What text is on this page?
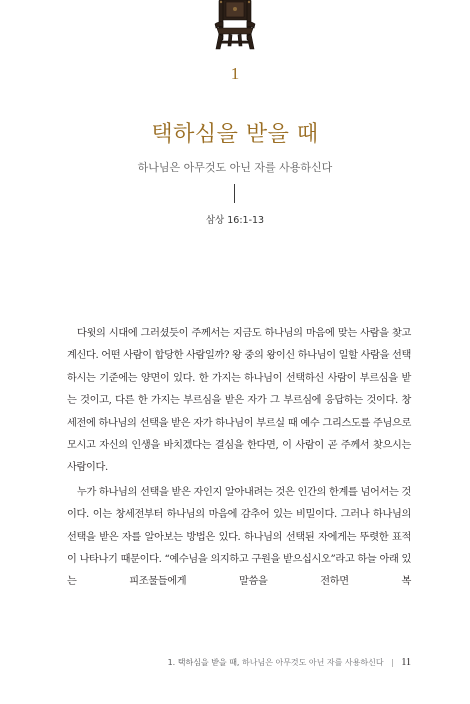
1
택하심을 받을 때
하나님은 아무것도 아닌 자를 사용하신다
삼상 16:1-13

다윗의 시대에 그러셨듯이 주께서는 지금도 하나님의 마음에 맞는 사람을 찾고 계신다. 어떤 사람이 합당한 사람일까? 왕 중의 왕이신 하나님이 일할 사람을 선택하시는 기준에는 양면이 있다. 한 가지는 하나님이 선택하신 사람이 부르심을 받는 것이고, 다른 한 가지는 부르심을 받은 자가 그 부르심에 응답하는 것이다. 창세전에 하나님의 선택을 받은 자가 하나님이 부르실 때 예수 그리스도를 주님으로 모시고 자신의 인생을 바치겠다는 결심을 한다면, 이 사람이 곧 주께서 찾으시는 사람이다.

누가 하나님의 선택을 받은 자인지 알아내려는 것은 인간의 한계를 넘어서는 것이다. 이는 창세전부터 하나님의 마음에 감추어 있는 비밀이다. 그러나 하나님의 선택을 받은 자를 알아보는 방법은 있다. 하나님의 선택된 자에게는 뚜렷한 표적이 나타나기 때문이다. “예수님을 의지하고 구원을 받으십시오”라고 하늘 아래 있는 피조물들에게 말씀을 전하면 복

1. 택하심을 받을 때, 하나님은 아무것도 아닌 자를 사용하신다 | 11
